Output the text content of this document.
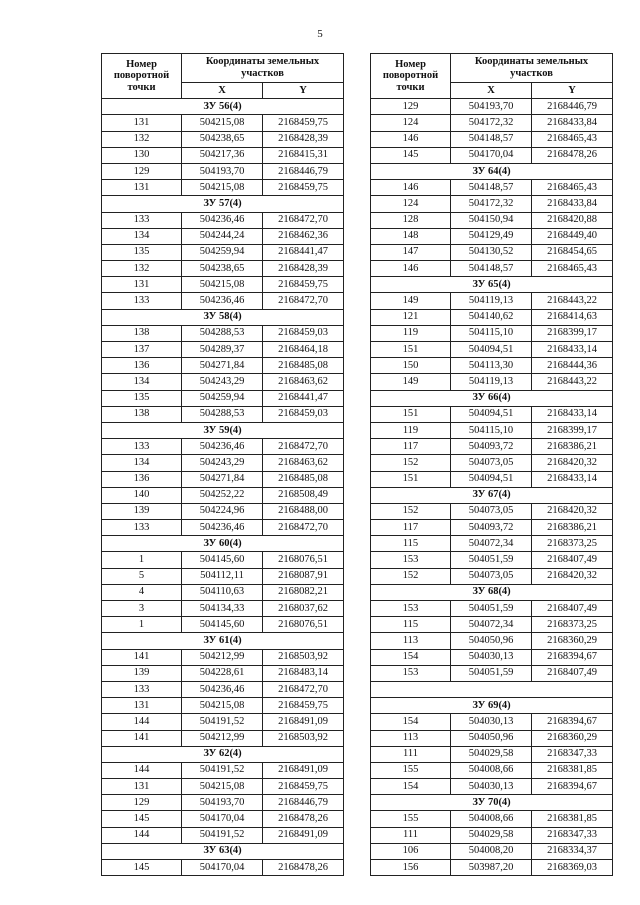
5
Номер поворотной точки	Координаты земельных участков	
	X	Y
ЗУ 56(4)		
131	504215,08	2168459,75
132	504238,65	2168428,39
130	504217,36	2168415,31
129	504193,70	2168446,79
131	504215,08	2168459,75
ЗУ 57(4)		
133	504236,46	2168472,70
134	504244,24	2168462,36
135	504259,94	2168441,47
132	504238,65	2168428,39
131	504215,08	2168459,75
133	504236,46	2168472,70
ЗУ 58(4)		
138	504288,53	2168459,03
137	504289,37	2168464,18
136	504271,84	2168485,08
134	504243,29	2168463,62
135	504259,94	2168441,47
138	504288,53	2168459,03
ЗУ 59(4)		
133	504236,46	2168472,70
134	504243,29	2168463,62
136	504271,84	2168485,08
140	504252,22	2168508,49
139	504224,96	2168488,00
133	504236,46	2168472,70
ЗУ 60(4)		
1	504145,60	2168076,51
5	504112,11	2168087,91
4	504110,63	2168082,21
3	504134,33	2168037,62
1	504145,60	2168076,51
ЗУ 61(4)		
141	504212,99	2168503,92
139	504228,61	2168483,14
133	504236,46	2168472,70
131	504215,08	2168459,75
144	504191,52	2168491,09
141	504212,99	2168503,92
ЗУ 62(4)		
144	504191,52	2168491,09
131	504215,08	2168459,75
129	504193,70	2168446,79
145	504170,04	2168478,26
144	504191,52	2168491,09
ЗУ 63(4)		
145	504170,04	2168478,26
Номер поворотной точки	Координаты земельных участков	
	X	Y
129	504193,70	2168446,79
124	504172,32	2168433,84
146	504148,57	2168465,43
145	504170,04	2168478,26
ЗУ 64(4)		
146	504148,57	2168465,43
124	504172,32	2168433,84
128	504150,94	2168420,88
148	504129,49	2168449,40
147	504130,52	2168454,65
146	504148,57	2168465,43
ЗУ 65(4)		
149	504119,13	2168443,22
121	504140,62	2168414,63
119	504115,10	2168399,17
151	504094,51	2168433,14
150	504113,30	2168444,36
149	504119,13	2168443,22
ЗУ 66(4)		
151	504094,51	2168433,14
119	504115,10	2168399,17
117	504093,72	2168386,21
152	504073,05	2168420,32
151	504094,51	2168433,14
ЗУ 67(4)		
152	504073,05	2168420,32
117	504093,72	2168386,21
115	504072,34	2168373,25
153	504051,59	2168407,49
152	504073,05	2168420,32
ЗУ 68(4)		
153	504051,59	2168407,49
115	504072,34	2168373,25
113	504050,96	2168360,29
154	504030,13	2168394,67
153	504051,59	2168407,49

ЗУ 69(4)		
154	504030,13	2168394,67
113	504050,96	2168360,29
111	504029,58	2168347,33
155	504008,66	2168381,85
154	504030,13	2168394,67
ЗУ 70(4)		
155	504008,66	2168381,85
111	504029,58	2168347,33
106	504008,20	2168334,37
156	503987,20	2168369,03
